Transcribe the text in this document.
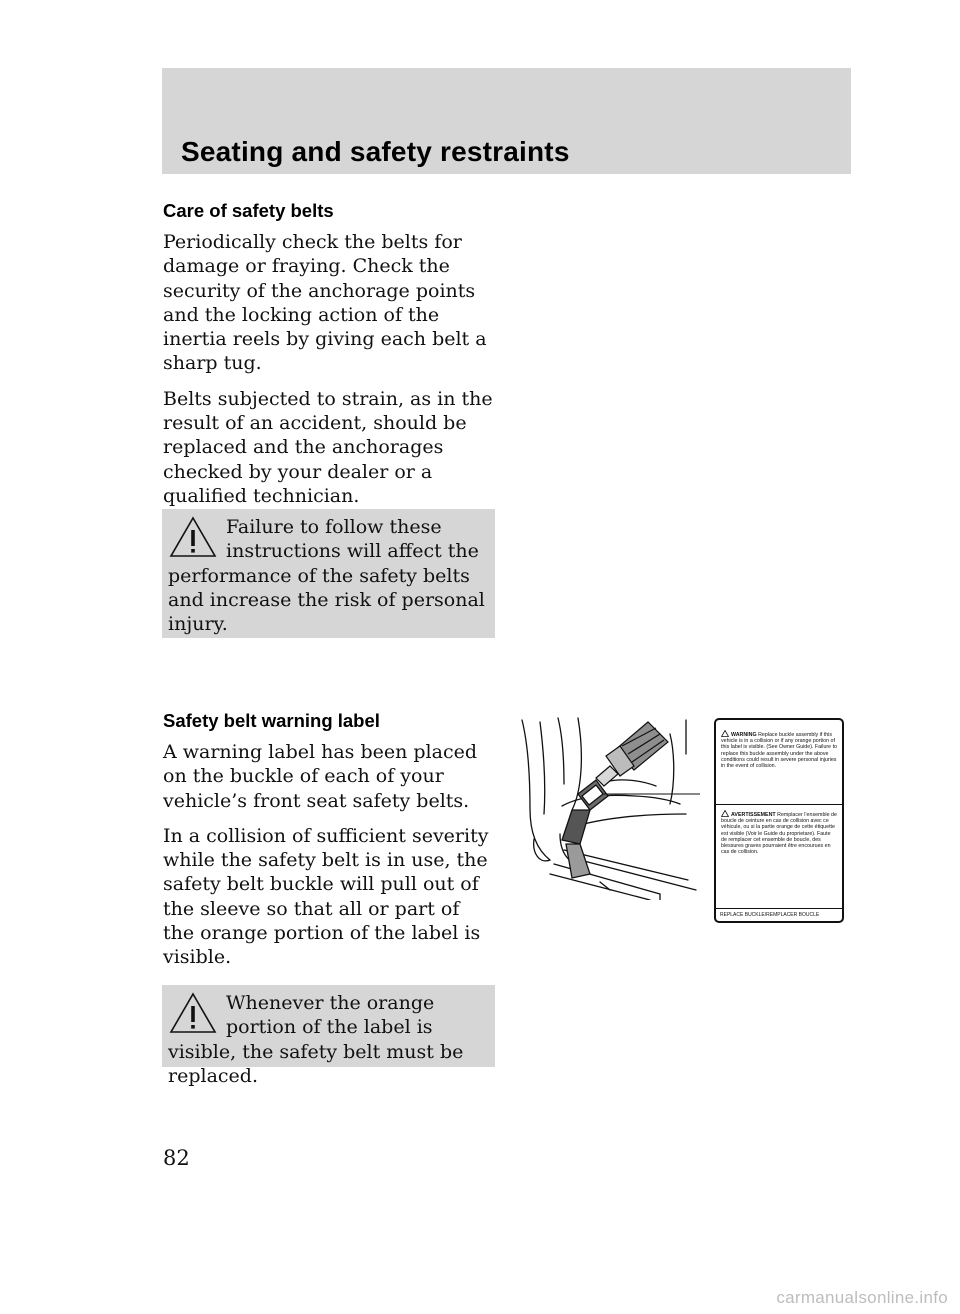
Seating and safety restraints
Care of safety belts

Periodically check the belts for damage or fraying. Check the security of the anchorage points and the locking action of the inertia reels by giving each belt a sharp tug.

Belts subjected to strain, as in the result of an accident, should be replaced and the anchorages checked by your dealer or a qualified technician.

Failure to follow these instructions will affect the performance of the safety belts and increase the risk of personal injury.
Safety belt warning label

A warning label has been placed on the buckle of each of your vehicle’s front seat safety belts.

In a collision of sufficient severity while the safety belt is in use, the safety belt buckle will pull out of the sleeve so that all or part of the orange portion of the label is visible.

Whenever the orange portion of the label is visible, the safety belt must be replaced.
WARNING Replace buckle assembly if this vehicle is in a collision or if any orange portion of this label is visible. (See Owner Guide). Failure to replace this buckle assembly under the above conditions could result in severe personal injuries in the event of collision.
AVERTISSEMENT Remplacer l’ensemble de boucle de ceinture en cas de collision avec ce véhicule, ou si la partie orange de cette étiquette est visible (Voir le Guide du proprietare). Faute de remplacer cet ensemble de boucle, des blessures graves pourraient être encourues en cas de collision.
REPLACE BUCKLE/REMPLACER BOUCLE
82
carmanualsonline.info
